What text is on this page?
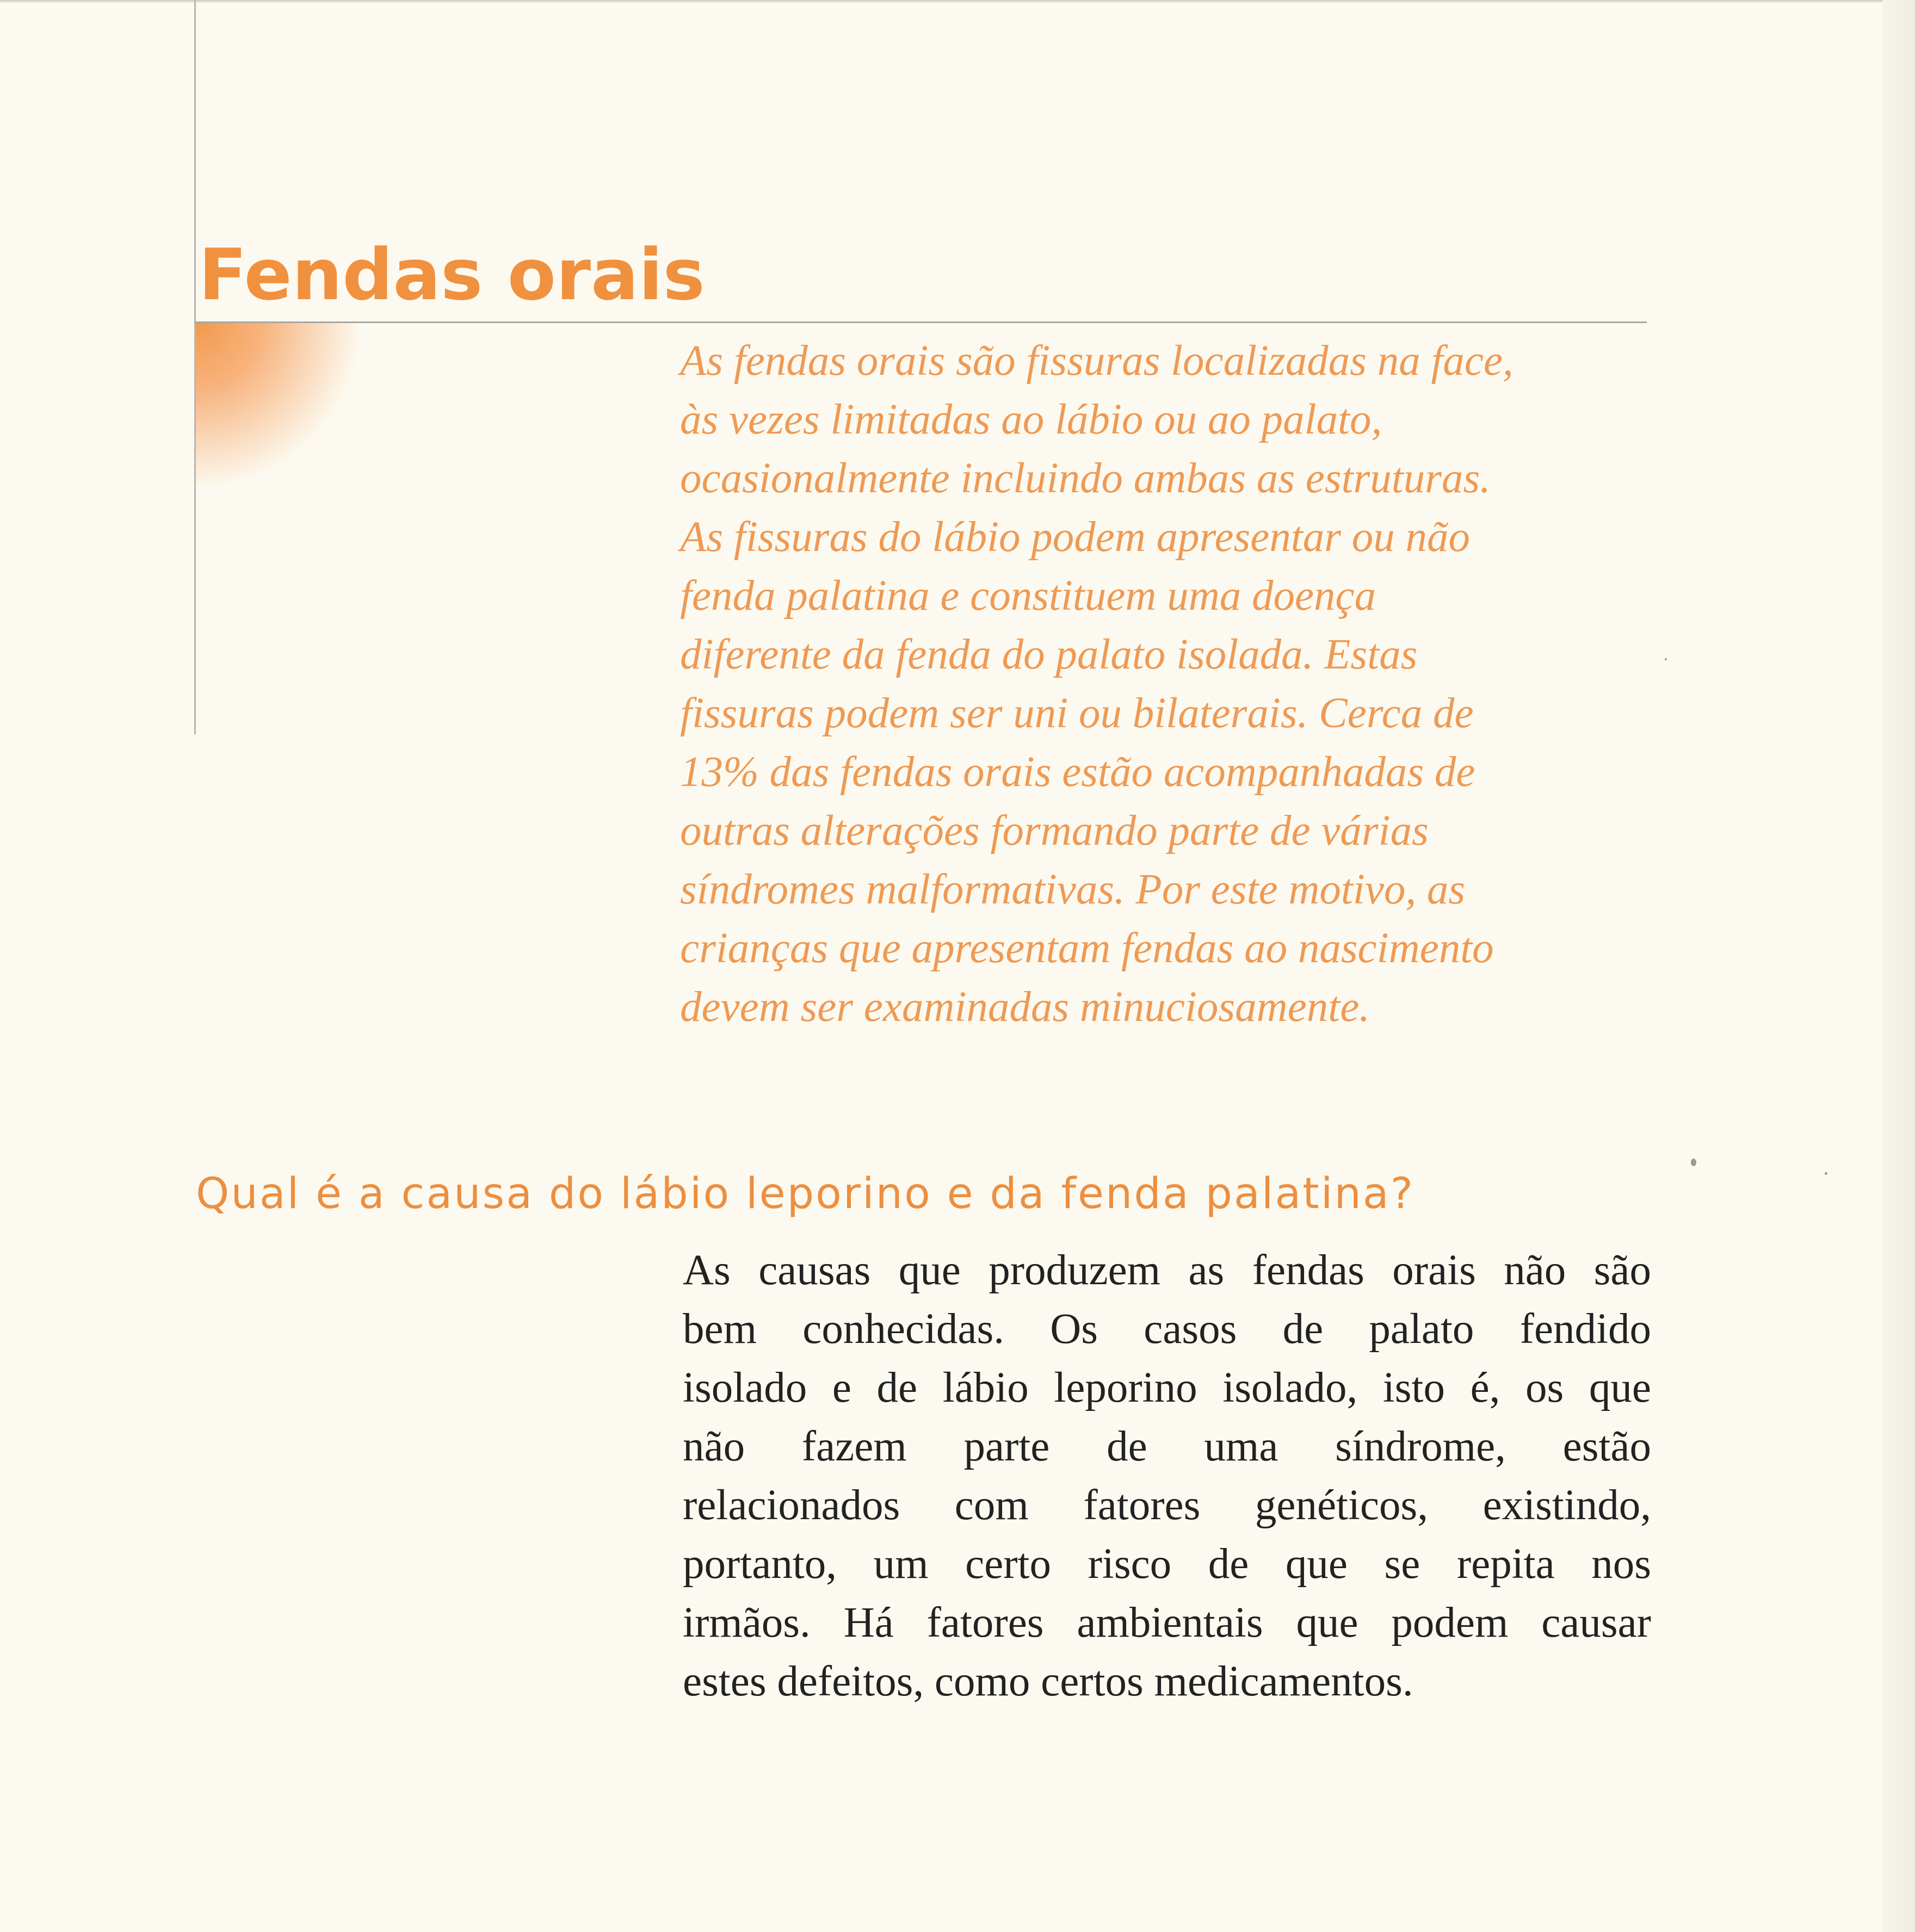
Fendas orais

As fendas orais são fissuras localizadas na face,
às vezes limitadas ao lábio ou ao palato,
ocasionalmente incluindo ambas as estruturas.
As fissuras do lábio podem apresentar ou não
fenda palatina e constituem uma doença
diferente da fenda do palato isolada. Estas
fissuras podem ser uni ou bilaterais. Cerca de
13% das fendas orais estão acompanhadas de
outras alterações formando parte de várias
síndromes malformativas. Por este motivo, as
crianças que apresentam fendas ao nascimento
devem ser examinadas minuciosamente.

Qual é a causa do lábio leporino e da fenda palatina?

As causas que produzem as fendas orais não são
bem conhecidas. Os casos de palato fendido
isolado e de lábio leporino isolado, isto é, os que
não fazem parte de uma síndrome, estão
relacionados com fatores genéticos, existindo,
portanto, um certo risco de que se repita nos
irmãos. Há fatores ambientais que podem causar
estes defeitos, como certos medicamentos.
